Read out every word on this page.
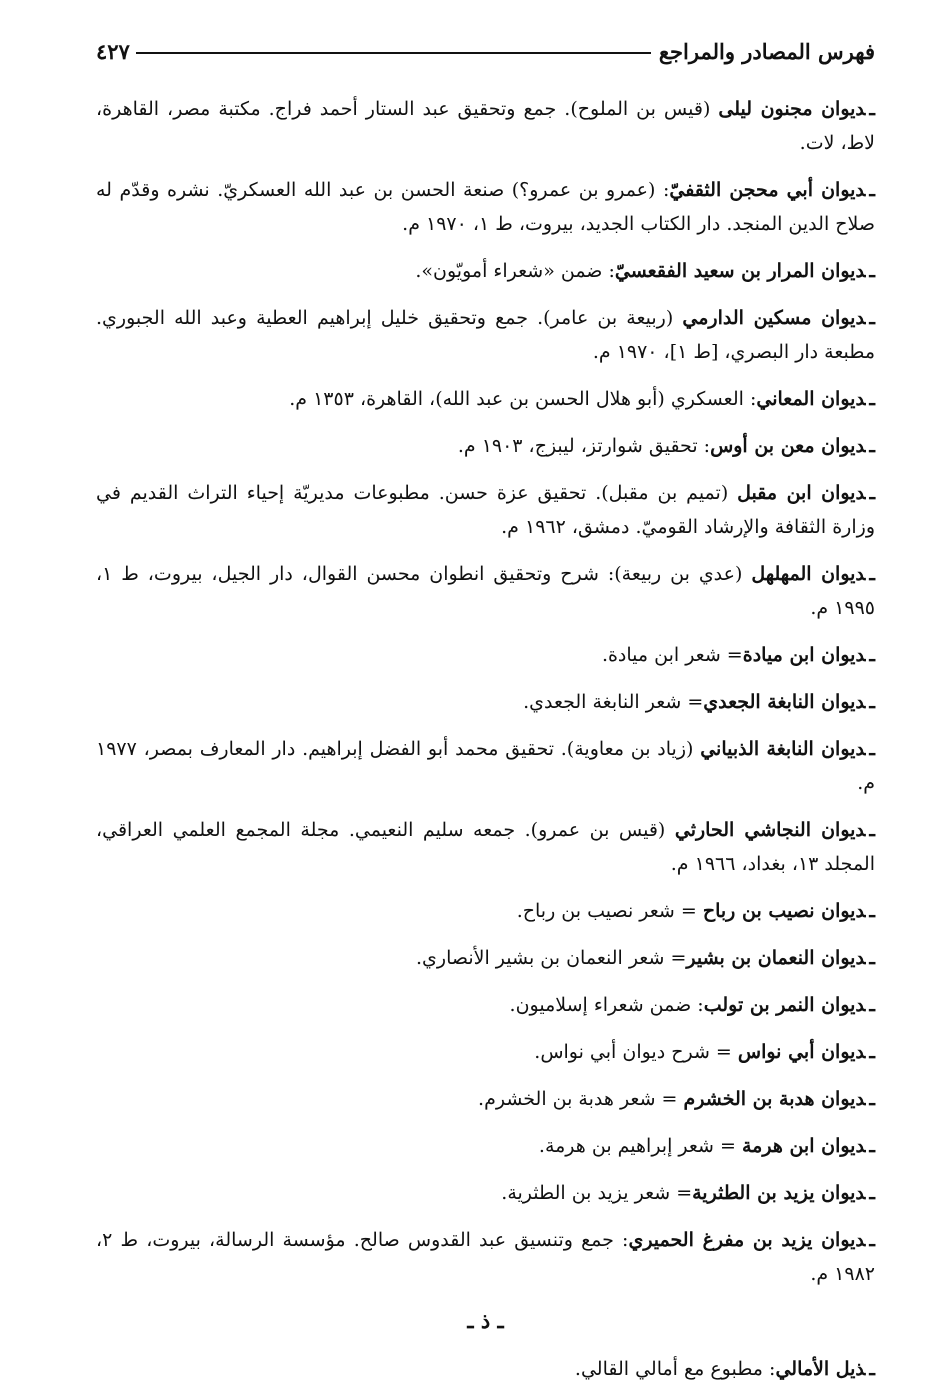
فهرس المصادر والمراجع
٤٢٧

ـديوان مجنون ليلى (قيس بن الملوح). جمع وتحقيق عبد الستار أحمد فراج. مكتبة مصر، القاهرة، لاط، لات.

ـديوان أبي محجن الثقفيّ: (عمرو بن عمرو؟) صنعة الحسن بن عبد الله العسكريّ. نشره وقدّم له صلاح الدين المنجد. دار الكتاب الجديد، بيروت، ط ١، ١٩٧٠ م.

ـديوان المرار بن سعيد الفقعسيّ: ضمن «شعراء أمويّون».

ـديوان مسكين الدارمي (ربيعة بن عامر). جمع وتحقيق خليل إبراهيم العطية وعبد الله الجبوري. مطبعة دار البصري، [ط ١]، ١٩٧٠ م.

ـديوان المعاني: العسكري (أبو هلال الحسن بن عبد الله)، القاهرة، ١٣٥٣ م.

ـديوان معن بن أوس: تحقيق شوارتز، ليبزج، ١٩٠٣ م.

ـديوان ابن مقبل (تميم بن مقبل). تحقيق عزة حسن. مطبوعات مديريّة إحياء التراث القديم في وزارة الثقافة والإرشاد القوميّ. دمشق، ١٩٦٢ م.

ـديوان المهلهل (عدي بن ربيعة): شرح وتحقيق انطوان محسن القوال، دار الجيل، بيروت، ط ١، ١٩٩٥ م.

ـديوان ابن ميادة= شعر ابن ميادة.

ـديوان النابغة الجعدي= شعر النابغة الجعدي.

ـديوان النابغة الذبياني (زياد بن معاوية). تحقيق محمد أبو الفضل إبراهيم. دار المعارف بمصر، ١٩٧٧ م.

ـديوان النجاشي الحارثي (قيس بن عمرو). جمعه سليم النعيمي. مجلة المجمع العلمي العراقي، المجلد ١٣، بغداد، ١٩٦٦ م.

ـديوان نصيب بن رباح = شعر نصيب بن رباح.

ـديوان النعمان بن بشير= شعر النعمان بن بشير الأنصاري.

ـديوان النمر بن تولب: ضمن شعراء إسلاميون.

ـديوان أبي نواس = شرح ديوان أبي نواس.

ـديوان هدبة بن الخشرم = شعر هدبة بن الخشرم.

ـديوان ابن هرمة = شعر إبراهيم بن هرمة.

ـديوان يزيد بن الطثرية= شعر يزيد بن الطثرية.

ـديوان يزيد بن مفرغ الحميري: جمع وتنسيق عبد القدوس صالح. مؤسسة الرسالة، بيروت، ط ٢، ١٩٨٢ م.

ـ ذ ـ

ـذيل الأمالي: مطبوع مع أمالي القالي.
